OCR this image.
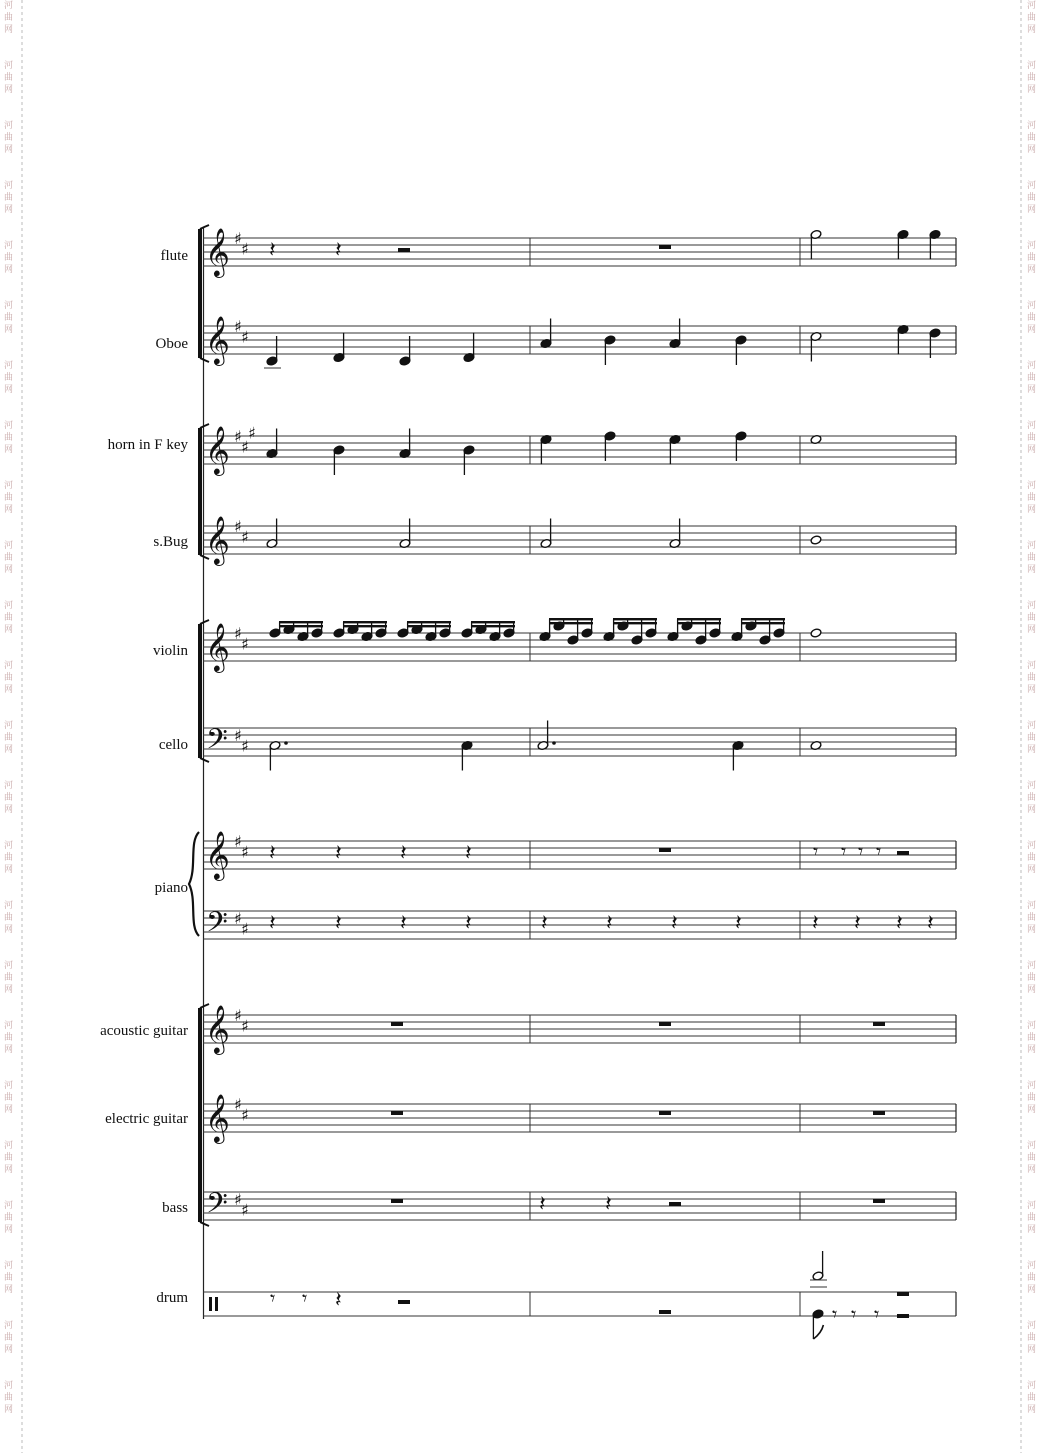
河
曲
网
河
曲
网
河
曲
网
河
曲
网
河
曲
网
河
曲
网
河
曲
网
河
曲
网
河
曲
网
河
曲
网
河
曲
网
河
曲
网
河
曲
网
河
曲
网
河
曲
网
河
曲
网
河
曲
网
河
曲
网
河
曲
网
河
曲
网
河
曲
网
河
曲
网
河
曲
网
河
曲
网
河
曲
网
河
曲
网
河
曲
网
河
曲
网
河
曲
网
河
曲
网
河
曲
网
河
曲
网
河
曲
网
河
曲
网
河
曲
网
河
曲
网
河
曲
网
河
曲
网
河
曲
网
河
曲
网
河
曲
网
河
曲
网
河
曲
网
河
曲
网
河
曲
网
河
曲
网
河
曲
网
河
曲
网
flute
Oboe
horn in F key
s.Bug
violin
cello
piano
acoustic guitar
electric guitar
bass
drum
𝄞 ♯
♯
𝄞 ♯
♯
𝄞 ♯
♯
♯
𝄞 ♯
♯
𝄞 ♯
♯
𝄢 ♯
♯
𝄞 ♯
♯
𝄢 ♯
♯
𝄞 ♯
♯
𝄞 ♯
♯
𝄢 ♯
♯
𝄽	𝄽
𝄽	𝄽	𝄽	𝄽	𝄾 𝄾 𝄾 𝄾
𝄽	𝄽	𝄽	𝄽	𝄽	𝄽	𝄽	𝄽	𝄽 𝄽 𝄽 𝄽
𝄽	𝄽
𝄾 𝄾 𝄽
𝄾 𝄾 𝄾
